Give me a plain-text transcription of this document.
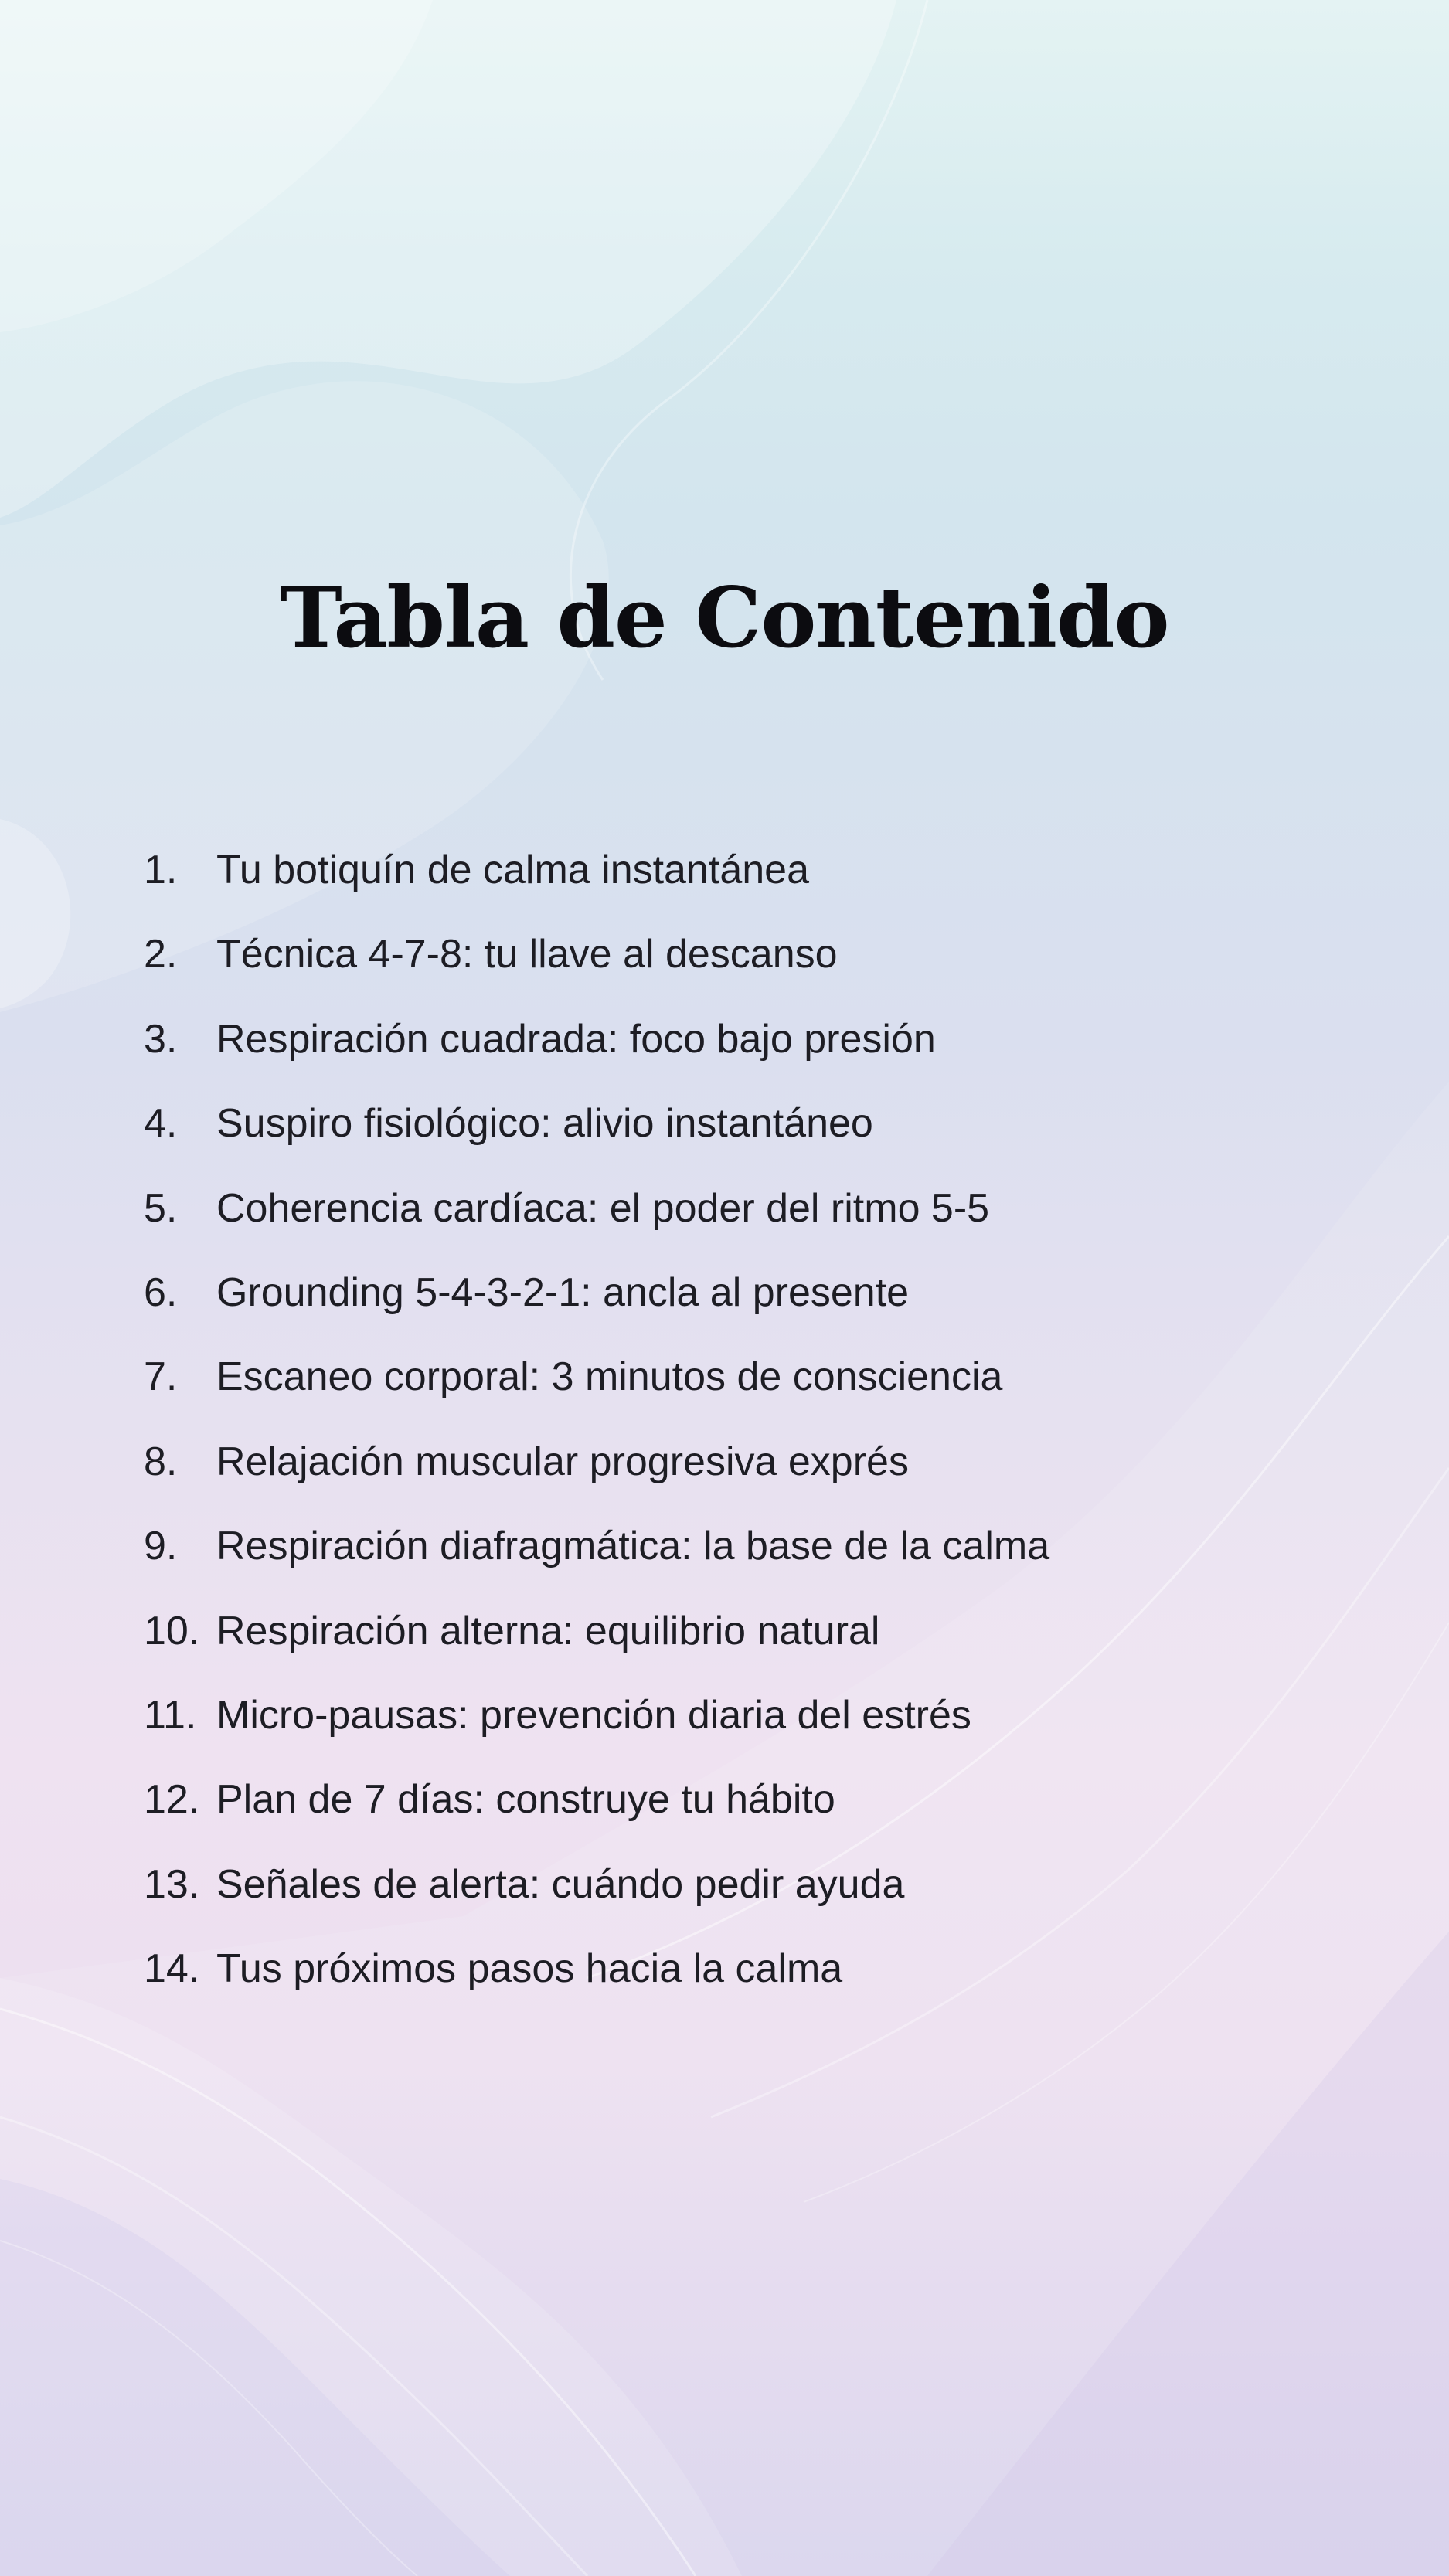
Tabla de Contenido
1. Tu botiquín de calma instantánea
2. Técnica 4-7-8: tu llave al descanso
3. Respiración cuadrada: foco bajo presión
4. Suspiro fisiológico: alivio instantáneo
5. Coherencia cardíaca: el poder del ritmo 5-5
6. Grounding 5-4-3-2-1: ancla al presente
7. Escaneo corporal: 3 minutos de consciencia
8. Relajación muscular progresiva exprés
9. Respiración diafragmática: la base de la calma
10. Respiración alterna: equilibrio natural
11. Micro-pausas: prevención diaria del estrés
12. Plan de 7 días: construye tu hábito
13. Señales de alerta: cuándo pedir ayuda
14. Tus próximos pasos hacia la calma
